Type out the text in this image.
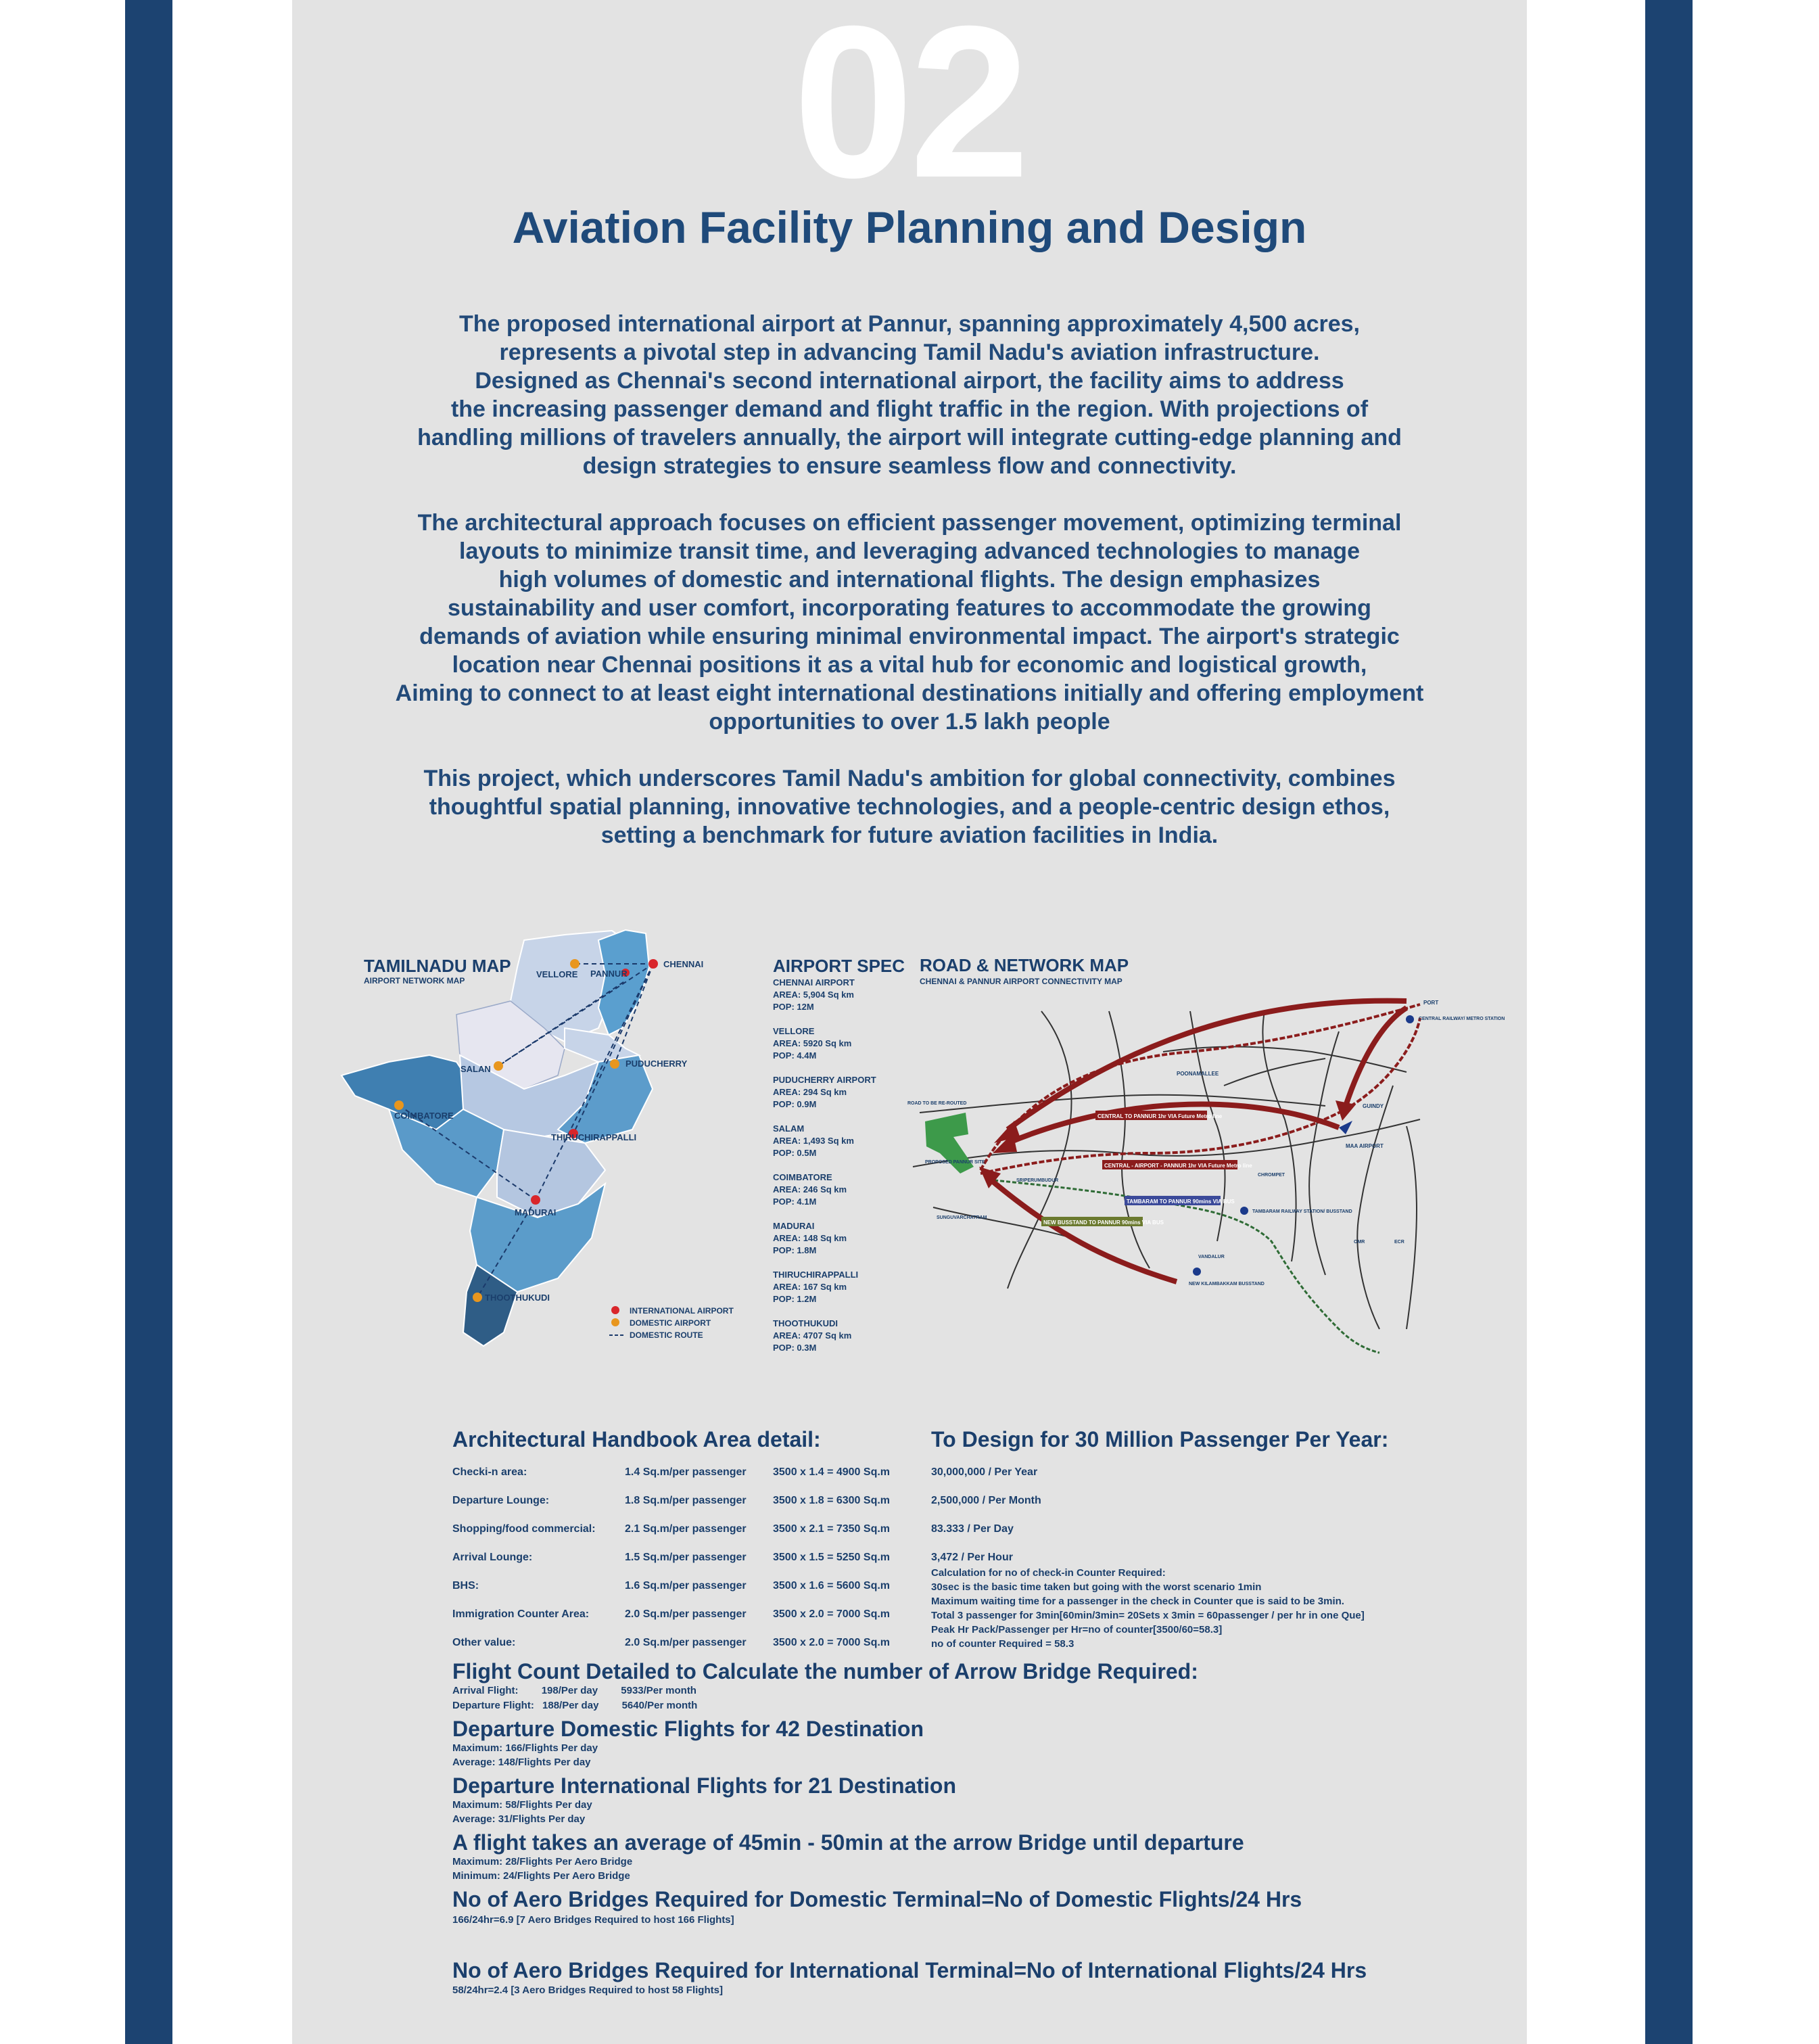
02
Aviation Facility Planning and Design
The proposed international airport at Pannur, spanning approximately 4,500 acres,
represents a pivotal step in advancing Tamil Nadu's aviation infrastructure.
Designed as Chennai's second international airport, the facility aims to address
the increasing passenger demand and flight traffic in the region. With projections of
handling millions of travelers annually, the airport will integrate cutting-edge planning and
design strategies to ensure seamless flow and connectivity.
The architectural approach focuses on efficient passenger movement, optimizing terminal
layouts to minimize transit time, and leveraging advanced technologies to manage
high volumes of domestic and international flights. The design emphasizes
sustainability and user comfort, incorporating features to accommodate the growing
demands of aviation while ensuring minimal environmental impact. The airport's strategic
location near Chennai positions it as a vital hub for economic and logistical growth,
Aiming to connect to at least eight international destinations initially and offering employment
opportunities to over 1.5 lakh people
This project, which underscores Tamil Nadu's ambition for global connectivity, combines
thoughtful spatial planning, innovative technologies, and a people-centric design ethos,
setting a benchmark for future aviation facilities in India.
TAMILNADU MAP
AIRPORT NETWORK MAP
CHENNAI
VELLORE PANNUR
PUDUCHERRY
SALAN
COIMBATORE
THIRUCHIRAPPALLI
MADURAI
THOOTHUKUDI
INTERNATIONAL AIRPORT
DOMESTIC AIRPORT
DOMESTIC ROUTE
AIRPORT SPEC
CHENNAI AIRPORT
AREA: 5,904 Sq km
POP: 12M
VELLORE
AREA: 5920 Sq km
POP: 4.4M
PUDUCHERRY AIRPORT
AREA: 294 Sq km
POP: 0.9M
SALAM
AREA: 1,493 Sq km
POP: 0.5M
COIMBATORE
AREA: 246 Sq km
POP: 4.1M
MADURAI
AREA: 148 Sq km
POP: 1.8M
THIRUCHIRAPPALLI
AREA: 167 Sq km
POP: 1.2M
THOOTHUKUDI
AREA: 4707 Sq km
POP: 0.3M
ROAD & NETWORK MAP
CHENNAI & PANNUR AIRPORT CONNECTIVITY MAP
CENTRAL TO PANNUR 1hr VIA Future Metro line
CENTRAL - AIRPORT - PANNUR 1hr VIA Future Metro line
TAMBARAM TO PANNUR 90mins VIA BUS
NEW BUSSTAND TO PANNUR 90mins VIA BUS
PORT
CENTRAL RAILWAY/ METRO STATION
POONAMALLEE
GUINDY
MAA AIRPORT
ROAD TO BE RE-ROUTED
PROPOSED PANNUR SITE
SRIPERUMBUDUR
SUNGUVARCHATRAM
CHROMPET
TAMBARAM RAILWAY STATION/ BUSSTAND
VANDALUR
NEW KILAMBAKKAM BUSSTAND
OMR	ECR
Architectural Handbook Area detail:	To Design for 30 Million Passenger Per Year:
Checki-n area:	1.4 Sq.m/per passenger 3500 x 1.4 = 4900 Sq.m
Departure Lounge:	1.8 Sq.m/per passenger 3500 x 1.8 = 6300 Sq.m
Shopping/food commercial:	2.1 Sq.m/per passenger 3500 x 2.1 = 7350 Sq.m
Arrival Lounge:	1.5 Sq.m/per passenger 3500 x 1.5 = 5250 Sq.m
BHS:	1.6 Sq.m/per passenger 3500 x 1.6 = 5600 Sq.m
Immigration Counter Area:	2.0 Sq.m/per passenger 3500 x 2.0 = 7000 Sq.m
Other value:	2.0 Sq.m/per passenger 3500 x 2.0 = 7000 Sq.m
30,000,000 / Per Year
2,500,000 / Per Month
83.333 / Per Day
3,472 / Per Hour
Calculation for no of check-in Counter Required:
30sec is the basic time taken but going with the worst scenario 1min
Maximum waiting time for a passenger in the check in Counter que is said to be 3min.
Total 3 passenger for 3min[60min/3min= 20Sets x 3min = 60passenger / per hr in one Que]
Peak Hr Pack/Passenger per Hr=no of counter[3500/60=58.3]
no of counter Required = 58.3
Flight Count Detailed to Calculate the number of Arrow Bridge Required:
Arrival Flight: 198/Per day 5933/Per month
Departure Flight: 188/Per day 5640/Per month
Departure Domestic Flights for 42 Destination
Maximum: 166/Flights Per day
Average: 148/Flights Per day
Departure International Flights for 21 Destination
Maximum: 58/Flights Per day
Average: 31/Flights Per day
A flight takes an average of 45min - 50min at the arrow Bridge until departure
Maximum: 28/Flights Per Aero Bridge
Minimum: 24/Flights Per Aero Bridge
No of Aero Bridges Required for Domestic Terminal=No of Domestic Flights/24 Hrs
166/24hr=6.9 [7 Aero Bridges Required to host 166 Flights]
No of Aero Bridges Required for International Terminal=No of International Flights/24 Hrs
58/24hr=2.4 [3 Aero Bridges Required to host 58 Flights]
